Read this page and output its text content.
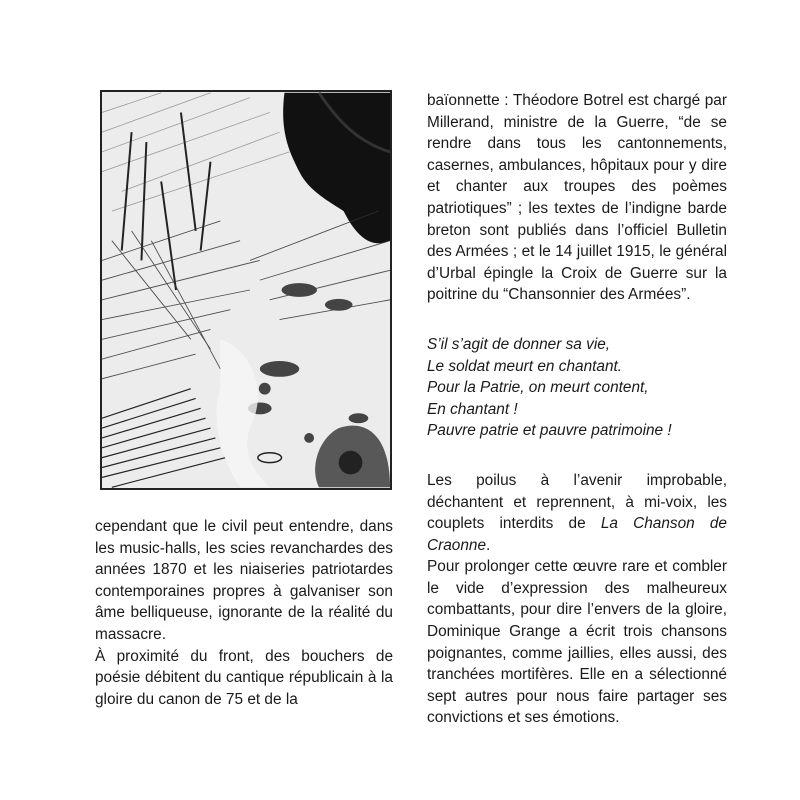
cependant que le civil peut entendre, dans les music-halls, les scies revanchardes des années 1870 et les niaiseries patriotardes contemporaines propres à galvaniser son âme belliqueuse, ignorante de la réalité du massacre.

À proximité du front, des bouchers de poésie débitent du cantique républicain à la gloire du canon de 75 et de la

baïonnette : Théodore Botrel est chargé par Millerand, ministre de la Guerre, “de se rendre dans tous les cantonnements, casernes, ambulances, hôpitaux pour y dire et chanter aux troupes des poèmes patriotiques” ; les textes de l’indigne barde breton sont publiés dans l’officiel Bulletin des Armées ; et le 14 juillet 1915, le général d’Urbal épingle la Croix de Guerre sur la poitrine du “Chansonnier des Armées”.

S’il s’agit de donner sa vie,
Le soldat meurt en chantant.
Pour la Patrie, on meurt content,
En chantant !
Pauvre patrie et pauvre patrimoine !

Les poilus à l’avenir improbable, déchantent et reprennent, à mi-voix, les couplets interdits de La Chanson de Craonne.

Pour prolonger cette œuvre rare et combler le vide d’expression des malheureux combattants, pour dire l’envers de la gloire, Dominique Grange a écrit trois chansons poignantes, comme jaillies, elles aussi, des tranchées mortifères. Elle en a sélectionné sept autres pour nous faire partager ses convictions et ses émotions.
